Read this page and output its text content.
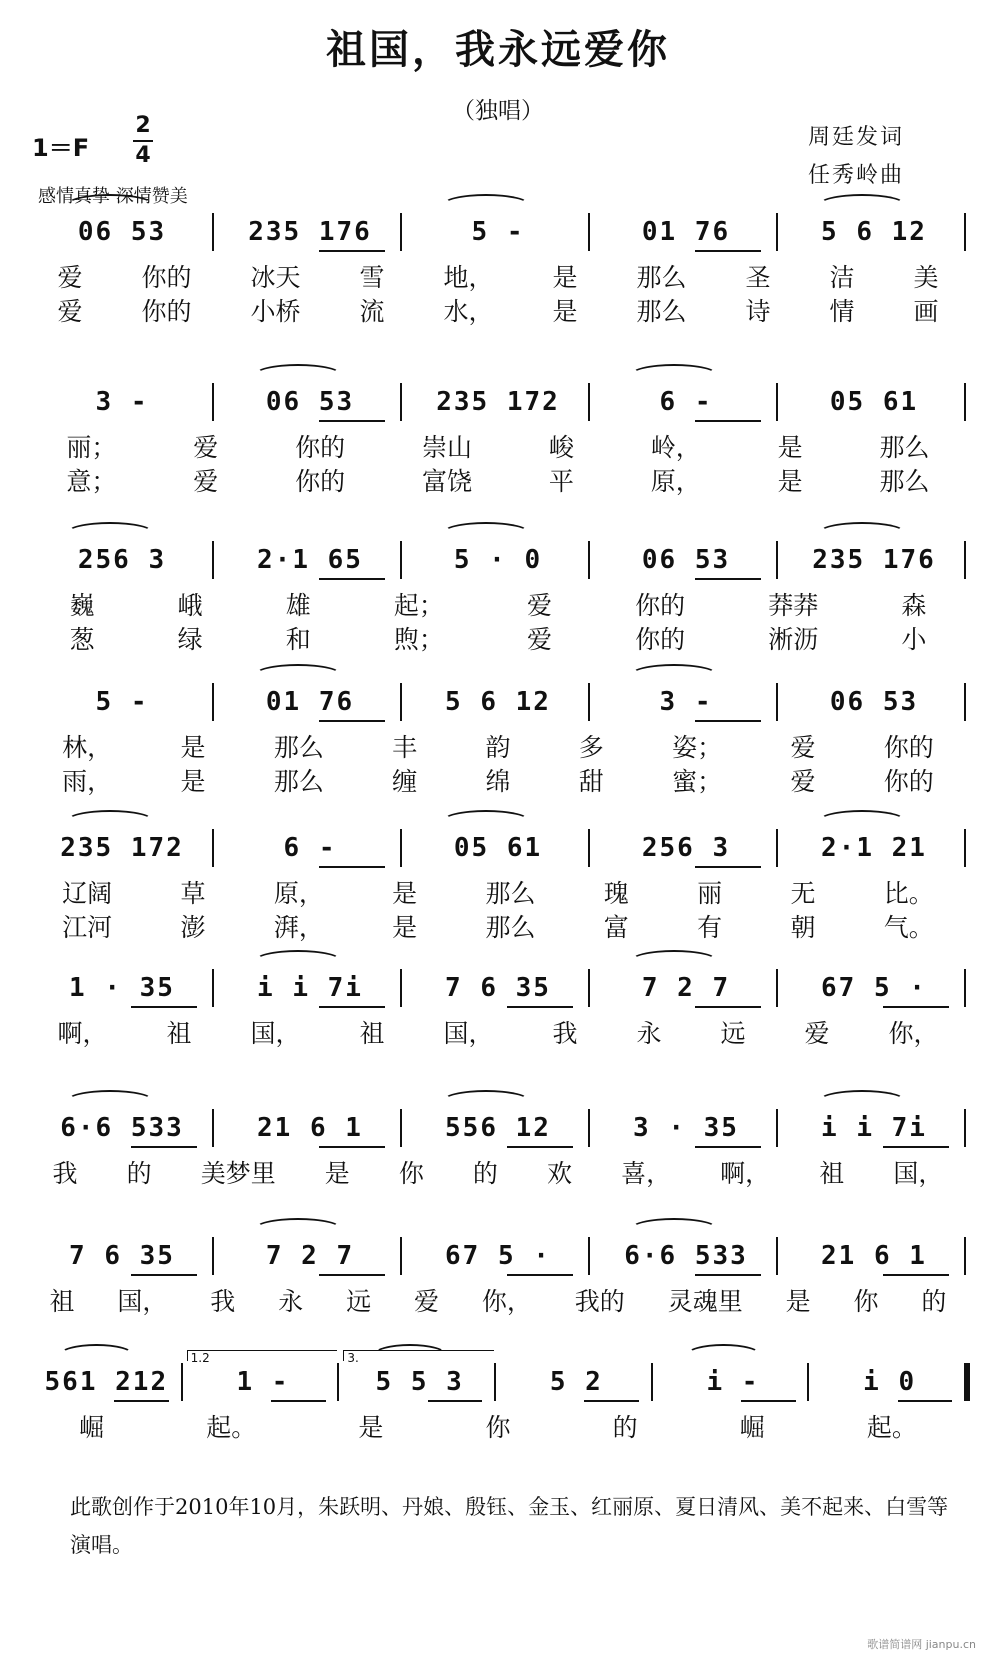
祖国，我永远爱你
（独唱）
1＝F
2
4
感情真挚 深情赞美
周廷发词
任秀岭曲
06 53	235 176	5 -	01 76	5 6 12
爱 你的 冰天 雪 地， 是 那么 圣 洁 美
爱 你的 小桥 流 水， 是 那么 诗 情 画
3 -	06 53	235 172	6 -	05 61
丽；	爱	你的	崇山	峻	岭，	是	那么
意；	爱	你的	富饶	平	原，	是	那么
256 3	2·1 65	5 · 0	06 53	235 176
巍	峨	雄	起；	爱	你的	莽莽	森
葱	绿	和	煦；	爱	你的	淅沥	小
5 -	01 76	5 6 12	3 -	06 53
林，	是	那么	丰	韵	多	姿；	爱	你的
雨，	是	那么	缠	绵	甜	蜜；	爱	你的
235 172	6 -	05 61	256 3	2·1 21
辽阔	草	原，	是	那么	瑰	丽	无	比。
江河	澎	湃，	是	那么	富	有	朝	气。
1 · 35	i i 7i	7 6 35	7 2 7	67 5 ·
啊， 祖 国， 祖 国， 我 永 远 爱 你，
6·6 533	21 6 1	556 12	3 · 35	i i 7i
我 的 美梦里 是 你 的 欢 喜， 啊， 祖 国，
7 6 35	7 2 7	67 5 ·	6·6 533	21 6 1
祖 国， 我 永 远 爱 你， 我的 灵魂里 是 你 的
561 212	1 -	5 5 3	5 2	i -	i 0
1.2	3.
崛	起。	是	你	的	崛	起。
此歌创作于2010年10月，朱跃明、丹娘、殷钰、金玉、红丽原、夏日清风、美不起来、白雪等演唱。
歌谱简谱网 jianpu.cn
